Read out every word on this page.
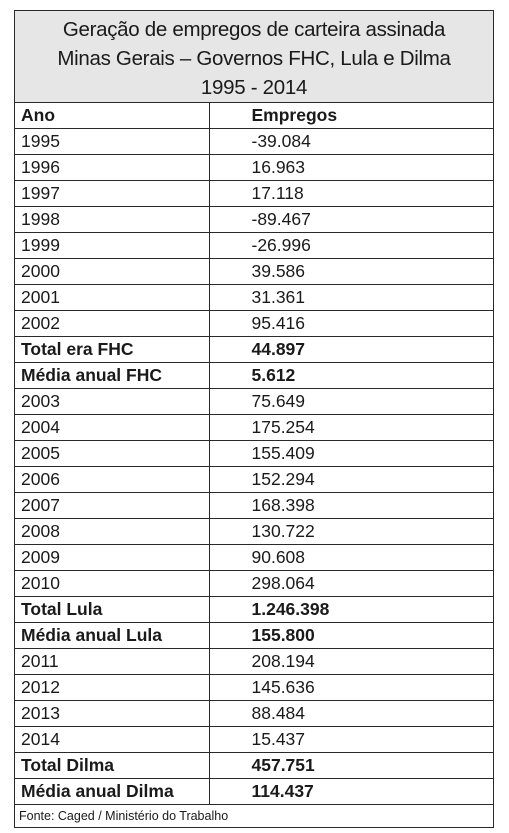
Geração de empregos de carteira assinada
Minas Gerais – Governos FHC, Lula e Dilma
1995 - 2014
Ano	Empregos
1995	-39.084
1996	16.963
1997	17.118
1998	-89.467
1999	-26.996
2000	39.586
2001	31.361
2002	95.416
Total era FHC	44.897
Média anual FHC	5.612
2003	75.649
2004	175.254
2005	155.409
2006	152.294
2007	168.398
2008	130.722
2009	90.608
2010	298.064
Total Lula	1.246.398
Média anual Lula	155.800
2011	208.194
2012	145.636
2013	88.484
2014	15.437
Total Dilma	457.751
Média anual Dilma	114.437
Fonte: Caged / Ministério do Trabalho
